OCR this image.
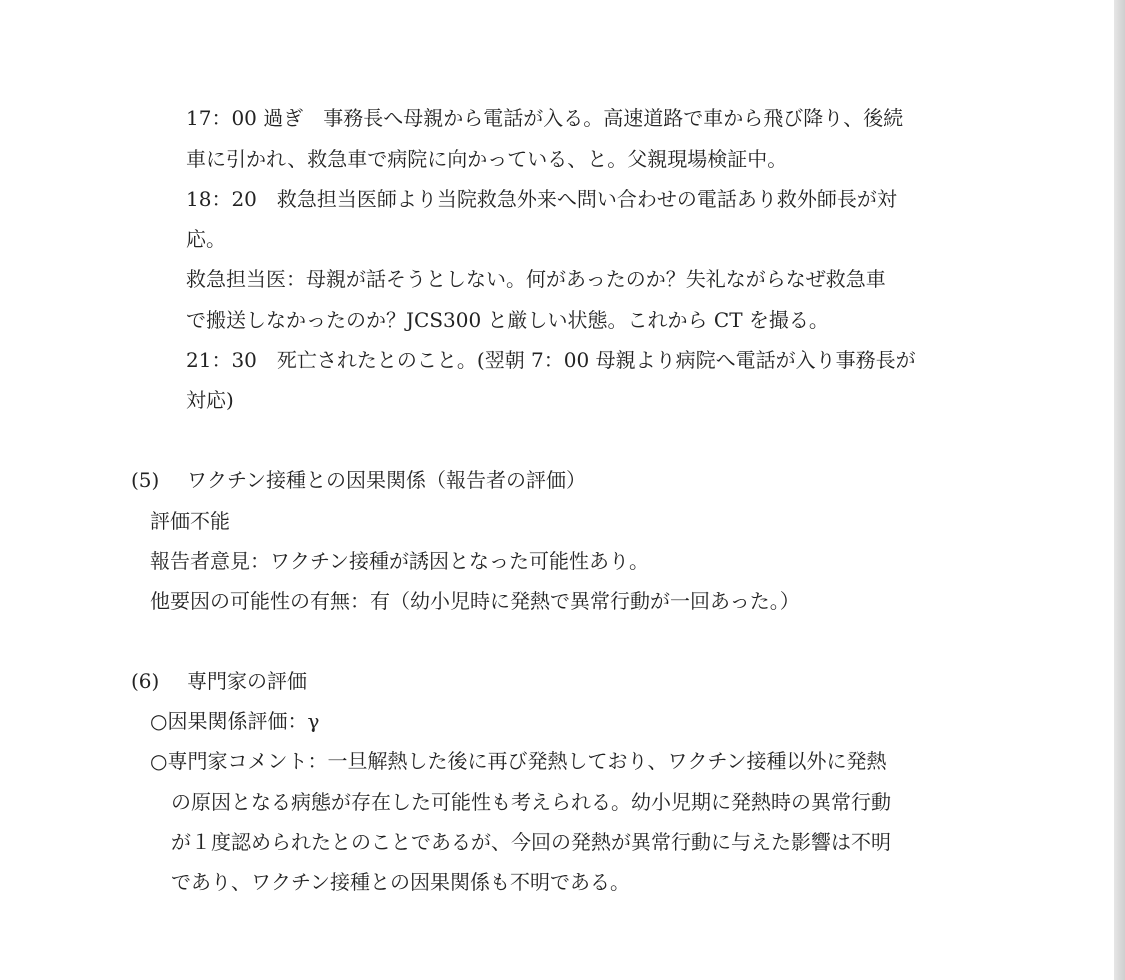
17：00 過ぎ　事務長へ母親から電話が入る。高速道路で車から飛び降り、後続
車に引かれ、救急車で病院に向かっている、と。父親現場検証中。
18：20　救急担当医師より当院救急外来へ問い合わせの電話あり救外師長が対
応。
救急担当医：母親が話そうとしない。何があったのか？失礼ながらなぜ救急車
で搬送しなかったのか？JCS300 と厳しい状態。これから CT を撮る。
21：30　死亡されたとのこと。(翌朝 7：00 母親より病院へ電話が入り事務長が
対応)
(5) ワクチン接種との因果関係（報告者の評価）
評価不能
報告者意見：ワクチン接種が誘因となった可能性あり。
他要因の可能性の有無：有（幼小児時に発熱で異常行動が一回あった。）
(6) 専門家の評価
○因果関係評価：γ
○専門家コメント：一旦解熱した後に再び発熱しており、ワクチン接種以外に発熱
の原因となる病態が存在した可能性も考えられる。幼小児期に発熱時の異常行動
が１度認められたとのことであるが、今回の発熱が異常行動に与えた影響は不明
であり、ワクチン接種との因果関係も不明である。
